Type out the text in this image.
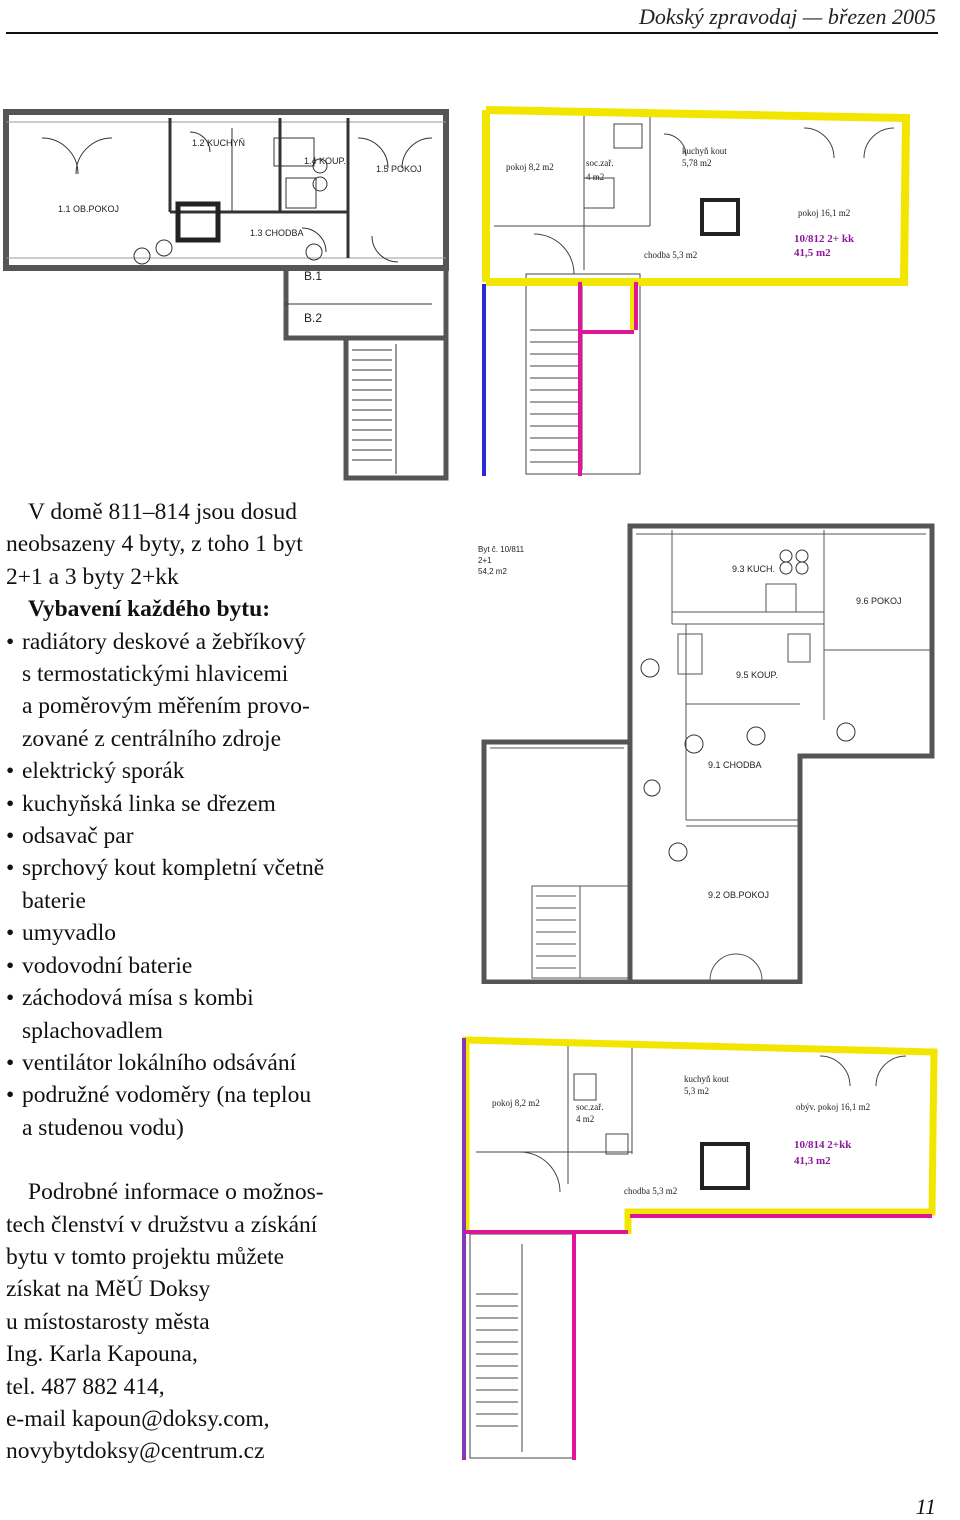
Dokský zpravodaj — březen 2005
1.1 OB.POKOJ
1.2 KUCHYŇ
1.3 CHODBA
1.4 KOUP.
1.5 POKOJ
B.1
B.2
pokoj 8,2 m2	soc.zař.
4 m2
kuchyň kout
5,78 m2
pokoj 16,1 m2
chodba 5,3 m2
10/812 2+ kk
41,5 m2
Byt č. 10/811
2+1
54,2 m2	9.3 KUCH.
9.6 POKOJ
9.5 KOUP.
9.1 CHODBA
9.2 OB.POKOJ
pokoj 8,2 m2	soc.zař.
4 m2
kuchyň kout
5,3 m2
obýv. pokoj 16,1 m2
chodba 5,3 m2
10/814 2+kk
41,3 m2

V domě 811–814 jsou dosud

neobsazeny 4 byty, z toho 1 byt

2+1 a 3 byty 2+kk

Vybavení každého bytu:

• radiátory deskové a žebříkový
s termostatickými hlavicemi
a poměrovým měřením provo-
zované z centrálního zdroje
• elektrický sporák
• kuchyňská linka se dřezem
• odsavač par
• sprchový kout kompletní včetně
baterie
• umyvadlo
• vodovodní baterie
• záchodová mísa s kombi
splachovadlem
• ventilátor lokálního odsávání
• podružné vodoměry (na teplou
a studenou vodu)

Podrobné informace o možnos-

tech členství v družstvu a získání

bytu v tomto projektu můžete

získat na MěÚ Doksy

u místostarosty města

Ing. Karla Kapouna,

tel. 487 882 414,

e-mail kapoun@doksy.com,

novybytdoksy@centrum.cz

11
